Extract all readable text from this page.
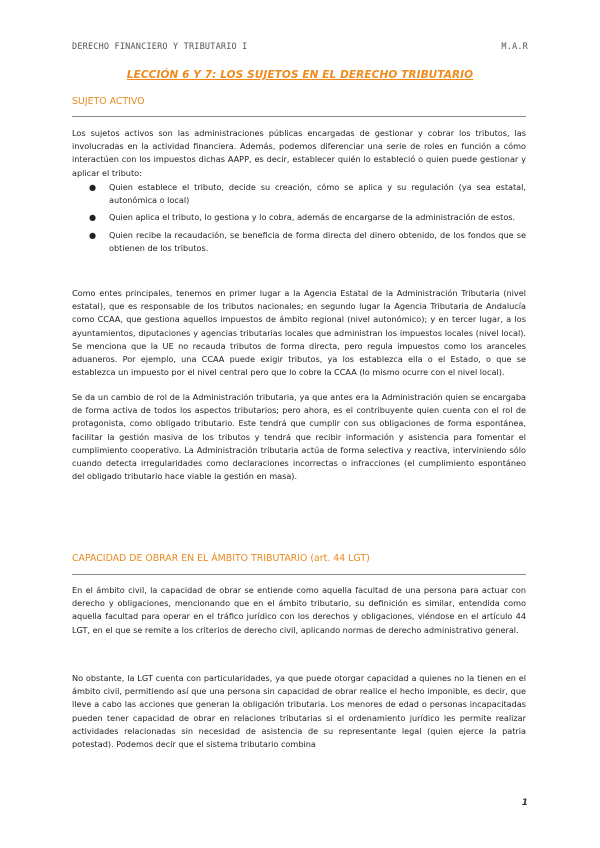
DERECHO FINANCIERO Y TRIBUTARIO I	M.A.R
LECCIÓN 6 Y 7: LOS SUJETOS EN EL DERECHO TRIBUTARIO
SUJETO ACTIVO

Los sujetos activos son las administraciones públicas encargadas de gestionar y cobrar los tributos, las involucradas en la actividad financiera. Además, podemos diferenciar una serie de roles en función a cómo interactúen con los impuestos dichas AAPP, es decir, establecer quién lo estableció o quien puede gestionar y aplicar el tributo:

● Quien establece el tributo, decide su creación, cómo se aplica y su regulación (ya sea estatal, autonómica o local)
● Quien aplica el tributo, lo gestiona y lo cobra, además de encargarse de la administración de estos.
● Quien recibe la recaudación, se beneficia de forma directa del dinero obtenido, de los fondos que se obtienen de los tributos.

Como entes principales, tenemos en primer lugar a la Agencia Estatal de la Administración Tributaria (nivel estatal), que es responsable de los tributos nacionales; en segundo lugar la Agencia Tributaria de Andalucía como CCAA, que gestiona aquellos impuestos de ámbito regional (nivel autonómico); y en tercer lugar, a los ayuntamientos, diputaciones y agencias tributarias locales que administran los impuestos locales (nivel local). Se menciona que la UE no recauda tributos de forma directa, pero regula impuestos como los aranceles aduaneros. Por ejemplo, una CCAA puede exigir tributos, ya los establezca ella o el Estado, o que se establezca un impuesto por el nivel central pero que lo cobre la CCAA (lo mismo ocurre con el nivel local).

Se da un cambio de rol de la Administración tributaria, ya que antes era la Administración quien se encargaba de forma activa de todos los aspectos tributarios; pero ahora, es el contribuyente quien cuenta con el rol de protagonista, como obligado tributario. Este tendrá que cumplir con sus obligaciones de forma espontánea, facilitar la gestión masiva de los tributos y tendrá que recibir información y asistencia para fomentar el cumplimiento cooperativo. La Administración tributaria actúa de forma selectiva y reactiva, interviniendo sólo cuando detecta irregularidades como declaraciones incorrectas o infracciones (el cumplimiento espontáneo del obligado tributario hace viable la gestión en masa).

CAPACIDAD DE OBRAR EN EL ÁMBITO TRIBUTARIO (art. 44 LGT)

En el ámbito civil, la capacidad de obrar se entiende como aquella facultad de una persona para actuar con derecho y obligaciones, mencionando que en el ámbito tributario, su definición es similar, entendida como aquella facultad para operar en el tráfico jurídico con los derechos y obligaciones, viéndose en el artículo 44 LGT, en el que se remite a los criterios de derecho civil, aplicando normas de derecho administrativo general.

No obstante, la LGT cuenta con particularidades, ya que puede otorgar capacidad a quienes no la tienen en el ámbito civil, permitiendo así que una persona sin capacidad de obrar realice el hecho imponible, es decir, que lleve a cabo las acciones que generan la obligación tributaria. Los menores de edad o personas incapacitadas pueden tener capacidad de obrar en relaciones tributarias si el ordenamiento jurídico les permite realizar actividades relacionadas sin necesidad de asistencia de su representante legal (quien ejerce la patria potestad). Podemos decir que el sistema tributario combina

1
